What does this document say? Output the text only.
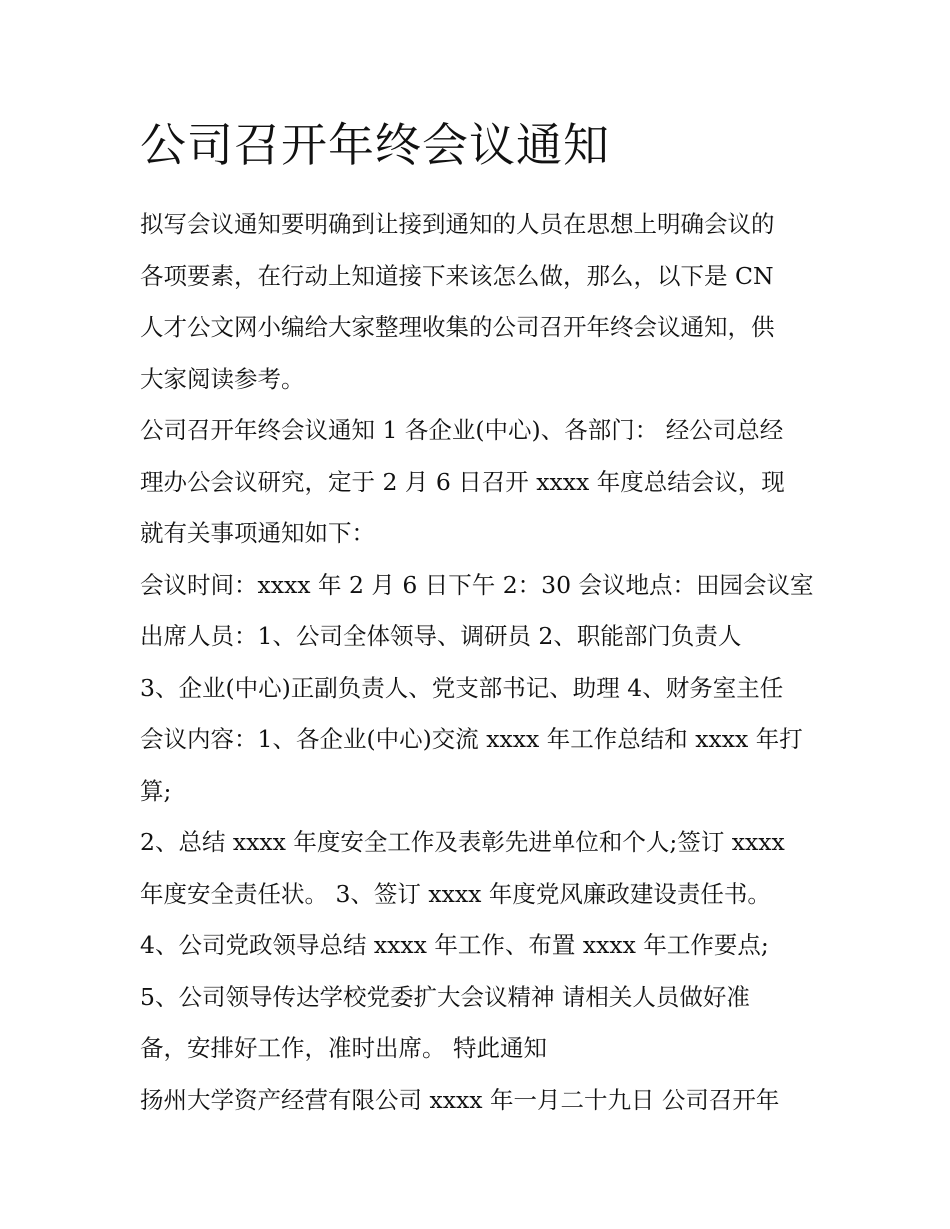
公司召开年终会议通知
拟写会议通知要明确到让接到通知的人员在思想上明确会议的
各项要素，在行动上知道接下来该怎么做，那么，以下是 CN
人才公文网小编给大家整理收集的公司召开年终会议通知，供
大家阅读参考。
公司召开年终会议通知 1 各企业(中心)、各部门： 经公司总经
理办公会议研究，定于 2 月 6 日召开 xxxx 年度总结会议，现
就有关事项通知如下：
会议时间：xxxx 年 2 月 6 日下午 2：30 会议地点：田园会议室
出席人员：1、公司全体领导、调研员 2、职能部门负责人
3、企业(中心)正副负责人、党支部书记、助理 4、财务室主任
会议内容：1、各企业(中心)交流 xxxx 年工作总结和 xxxx 年打
算;
2、总结 xxxx 年度安全工作及表彰先进单位和个人;签订 xxxx
年度安全责任状。 3、签订 xxxx 年度党风廉政建设责任书。
4、公司党政领导总结 xxxx 年工作、布置 xxxx 年工作要点;
5、公司领导传达学校党委扩大会议精神 请相关人员做好准
备，安排好工作，准时出席。 特此通知
扬州大学资产经营有限公司 xxxx 年一月二十九日 公司召开年
